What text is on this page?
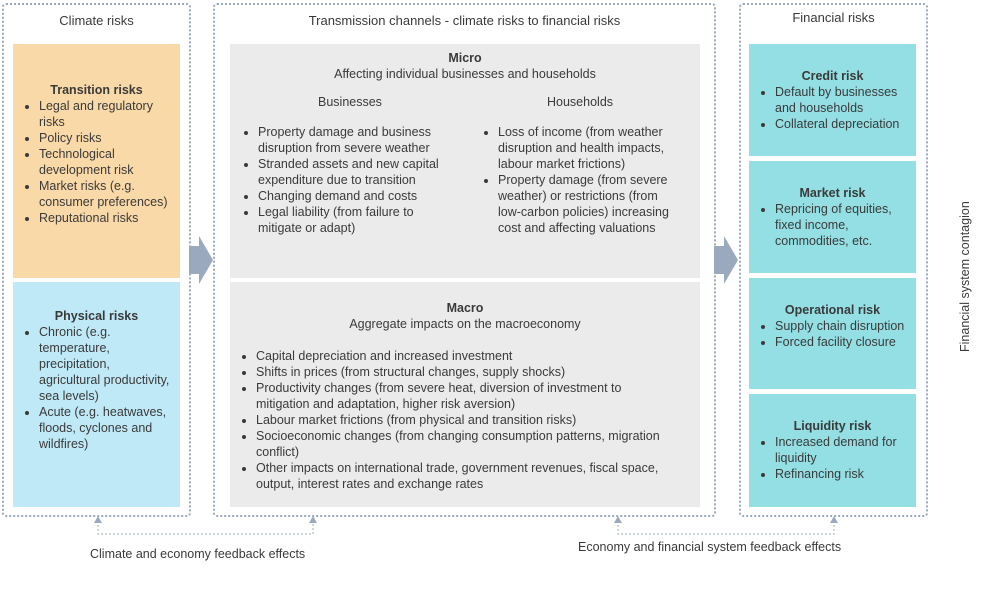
Climate risks
Transition risks
• Legal and regulatory risks
• Policy risks
• Technological development risk
• Market risks (e.g. consumer preferences)
• Reputational risks
Physical risks
• Chronic (e.g. temperature, precipitation, agricultural productivity, sea levels)
• Acute (e.g. heatwaves, floods, cyclones and wildfires)
Transmission channels - climate risks to financial risks
Micro
Affecting individual businesses and households
Businesses
• Property damage and business disruption from severe weather
• Stranded assets and new capital expenditure due to transition
• Changing demand and costs
• Legal liability (from failure to mitigate or adapt)
Households
• Loss of income (from weather disruption and health impacts, labour market frictions)
• Property damage (from severe weather) or restrictions (from low-carbon policies) increasing cost and affecting valuations
Macro
Aggregate impacts on the macroeconomy
• Capital depreciation and increased investment
• Shifts in prices (from structural changes, supply shocks)
• Productivity changes (from severe heat, diversion of investment to mitigation and adaptation, higher risk aversion)
• Labour market frictions (from physical and transition risks)
• Socioeconomic changes (from changing consumption patterns, migration conflict)
• Other impacts on international trade, government revenues, fiscal space, output, interest rates and exchange rates
Financial risks
Credit risk
• Default by businesses and households
• Collateral depreciation
Market risk
• Repricing of equities, fixed income, commodities, etc.
Operational risk
• Supply chain disruption
• Forced facility closure
Liquidity risk
• Increased demand for liquidity
• Refinancing risk
Financial system contagion
Climate and economy feedback effects	Economy and financial system feedback effects
